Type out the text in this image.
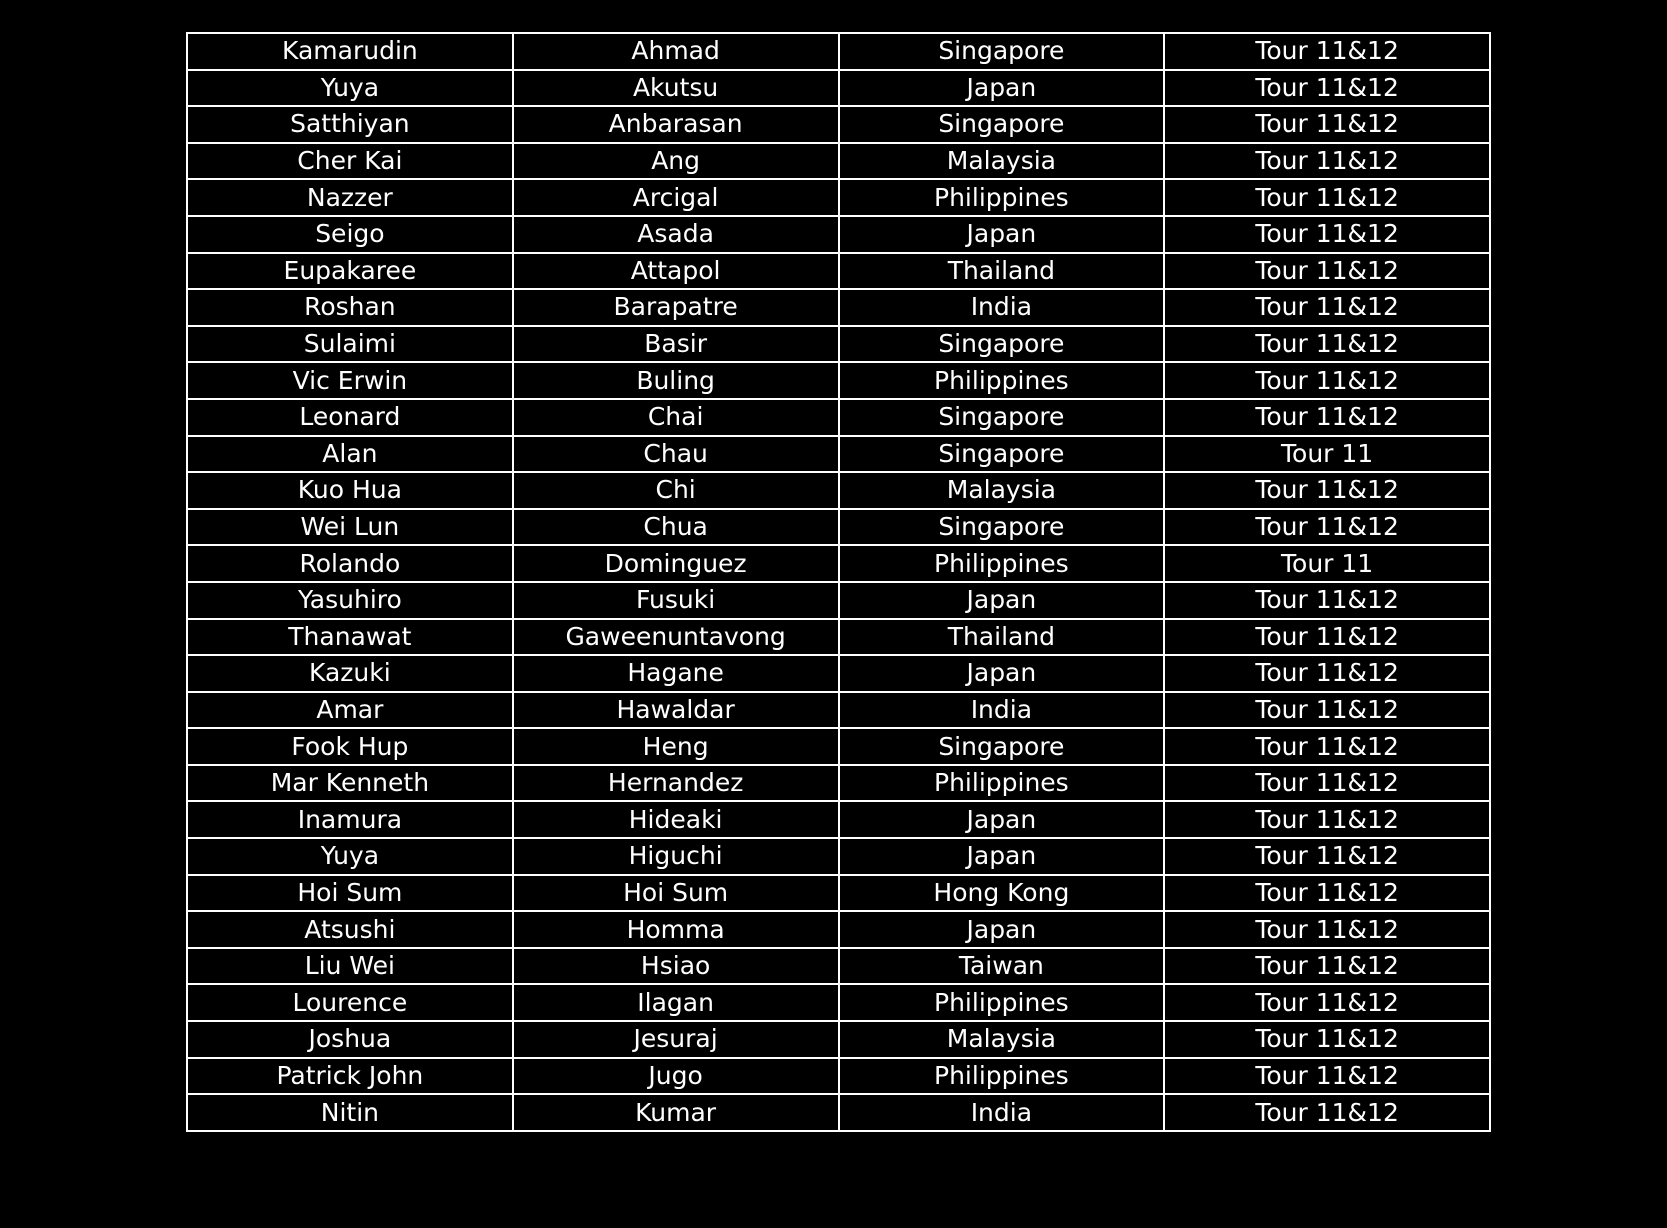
Kamarudin	Ahmad	Singapore	Tour 11&12
Yuya	Akutsu	Japan	Tour 11&12
Satthiyan	Anbarasan	Singapore	Tour 11&12
Cher Kai	Ang	Malaysia	Tour 11&12
Nazzer	Arcigal	Philippines	Tour 11&12
Seigo	Asada	Japan	Tour 11&12
Eupakaree	Attapol	Thailand	Tour 11&12
Roshan	Barapatre	India	Tour 11&12
Sulaimi	Basir	Singapore	Tour 11&12
Vic Erwin	Buling	Philippines	Tour 11&12
Leonard	Chai	Singapore	Tour 11&12
Alan	Chau	Singapore	Tour 11
Kuo Hua	Chi	Malaysia	Tour 11&12
Wei Lun	Chua	Singapore	Tour 11&12
Rolando	Dominguez	Philippines	Tour 11
Yasuhiro	Fusuki	Japan	Tour 11&12
Thanawat	Gaweenuntavong	Thailand	Tour 11&12
Kazuki	Hagane	Japan	Tour 11&12
Amar	Hawaldar	India	Tour 11&12
Fook Hup	Heng	Singapore	Tour 11&12
Mar Kenneth	Hernandez	Philippines	Tour 11&12
Inamura	Hideaki	Japan	Tour 11&12
Yuya	Higuchi	Japan	Tour 11&12
Hoi Sum	Hoi Sum	Hong Kong	Tour 11&12
Atsushi	Homma	Japan	Tour 11&12
Liu Wei	Hsiao	Taiwan	Tour 11&12
Lourence	Ilagan	Philippines	Tour 11&12
Joshua	Jesuraj	Malaysia	Tour 11&12
Patrick John	Jugo	Philippines	Tour 11&12
Nitin	Kumar	India	Tour 11&12
